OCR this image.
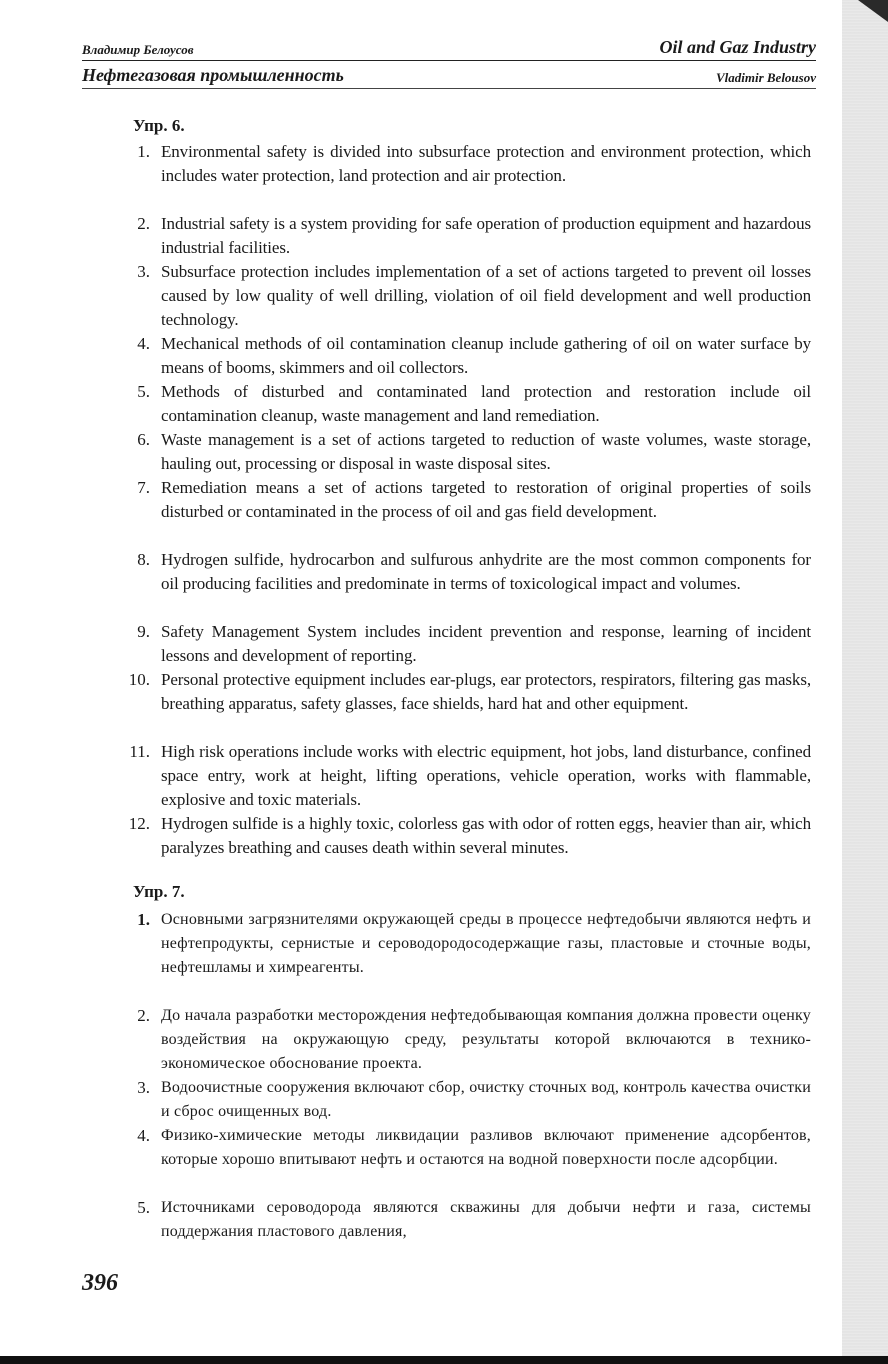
Владимир Белоусов	Oil and Gaz Industry
Нефтегазовая промышленность	Vladimir Belousov
Упр. 6.
1. Environmental safety is divided into subsurface protection and environment protection, which includes water protection, land protection and air protection.
2. Industrial safety is a system providing for safe operation of production equipment and hazardous industrial facilities.
3. Subsurface protection includes implementation of a set of actions targeted to prevent oil losses caused by low quality of well drilling, violation of oil field development and well production technology.
4. Mechanical methods of oil contamination cleanup include gathering of oil on water surface by means of booms, skimmers and oil collectors.
5. Methods of disturbed and contaminated land protection and restoration include oil contamination cleanup, waste management and land remediation.
6. Waste management is a set of actions targeted to reduction of waste volumes, waste storage, hauling out, processing or disposal in waste disposal sites.
7. Remediation means a set of actions targeted to restoration of original properties of soils disturbed or contaminated in the process of oil and gas field development.
8. Hydrogen sulfide, hydrocarbon and sulfurous anhydrite are the most common components for oil producing facilities and predominate in terms of toxicological impact and volumes.
9. Safety Management System includes incident prevention and response, learning of incident lessons and development of reporting.
10. Personal protective equipment includes ear-plugs, ear protectors, respirators, filtering gas masks, breathing apparatus, safety glasses, face shields, hard hat and other equipment.
11. High risk operations include works with electric equipment, hot jobs, land disturbance, confined space entry, work at height, lifting operations, vehicle operation, works with flammable, explosive and toxic materials.
12. Hydrogen sulfide is a highly toxic, colorless gas with odor of rotten eggs, heavier than air, which paralyzes breathing and causes death within several minutes.
Упр. 7.
1. Основными загрязнителями окружающей среды в процессе нефтедобычи являются нефть и нефтепродукты, сернистые и сероводородосодержащие газы, пластовые и сточные воды, нефтешламы и химреагенты.
2. До начала разработки месторождения нефтедобывающая компания должна провести оценку воздействия на окружающую среду, результаты которой включаются в технико-экономическое обоснование проекта.
3. Водоочистные сооружения включают сбор, очистку сточных вод, контроль качества очистки и сброс очищенных вод.
4. Физико-химические методы ликвидации разливов включают применение адсорбентов, которые хорошо впитывают нефть и остаются на водной поверхности после адсорбции.
5. Источниками сероводорода являются скважины для добычи нефти и газа, системы поддержания пластового давления,
396
